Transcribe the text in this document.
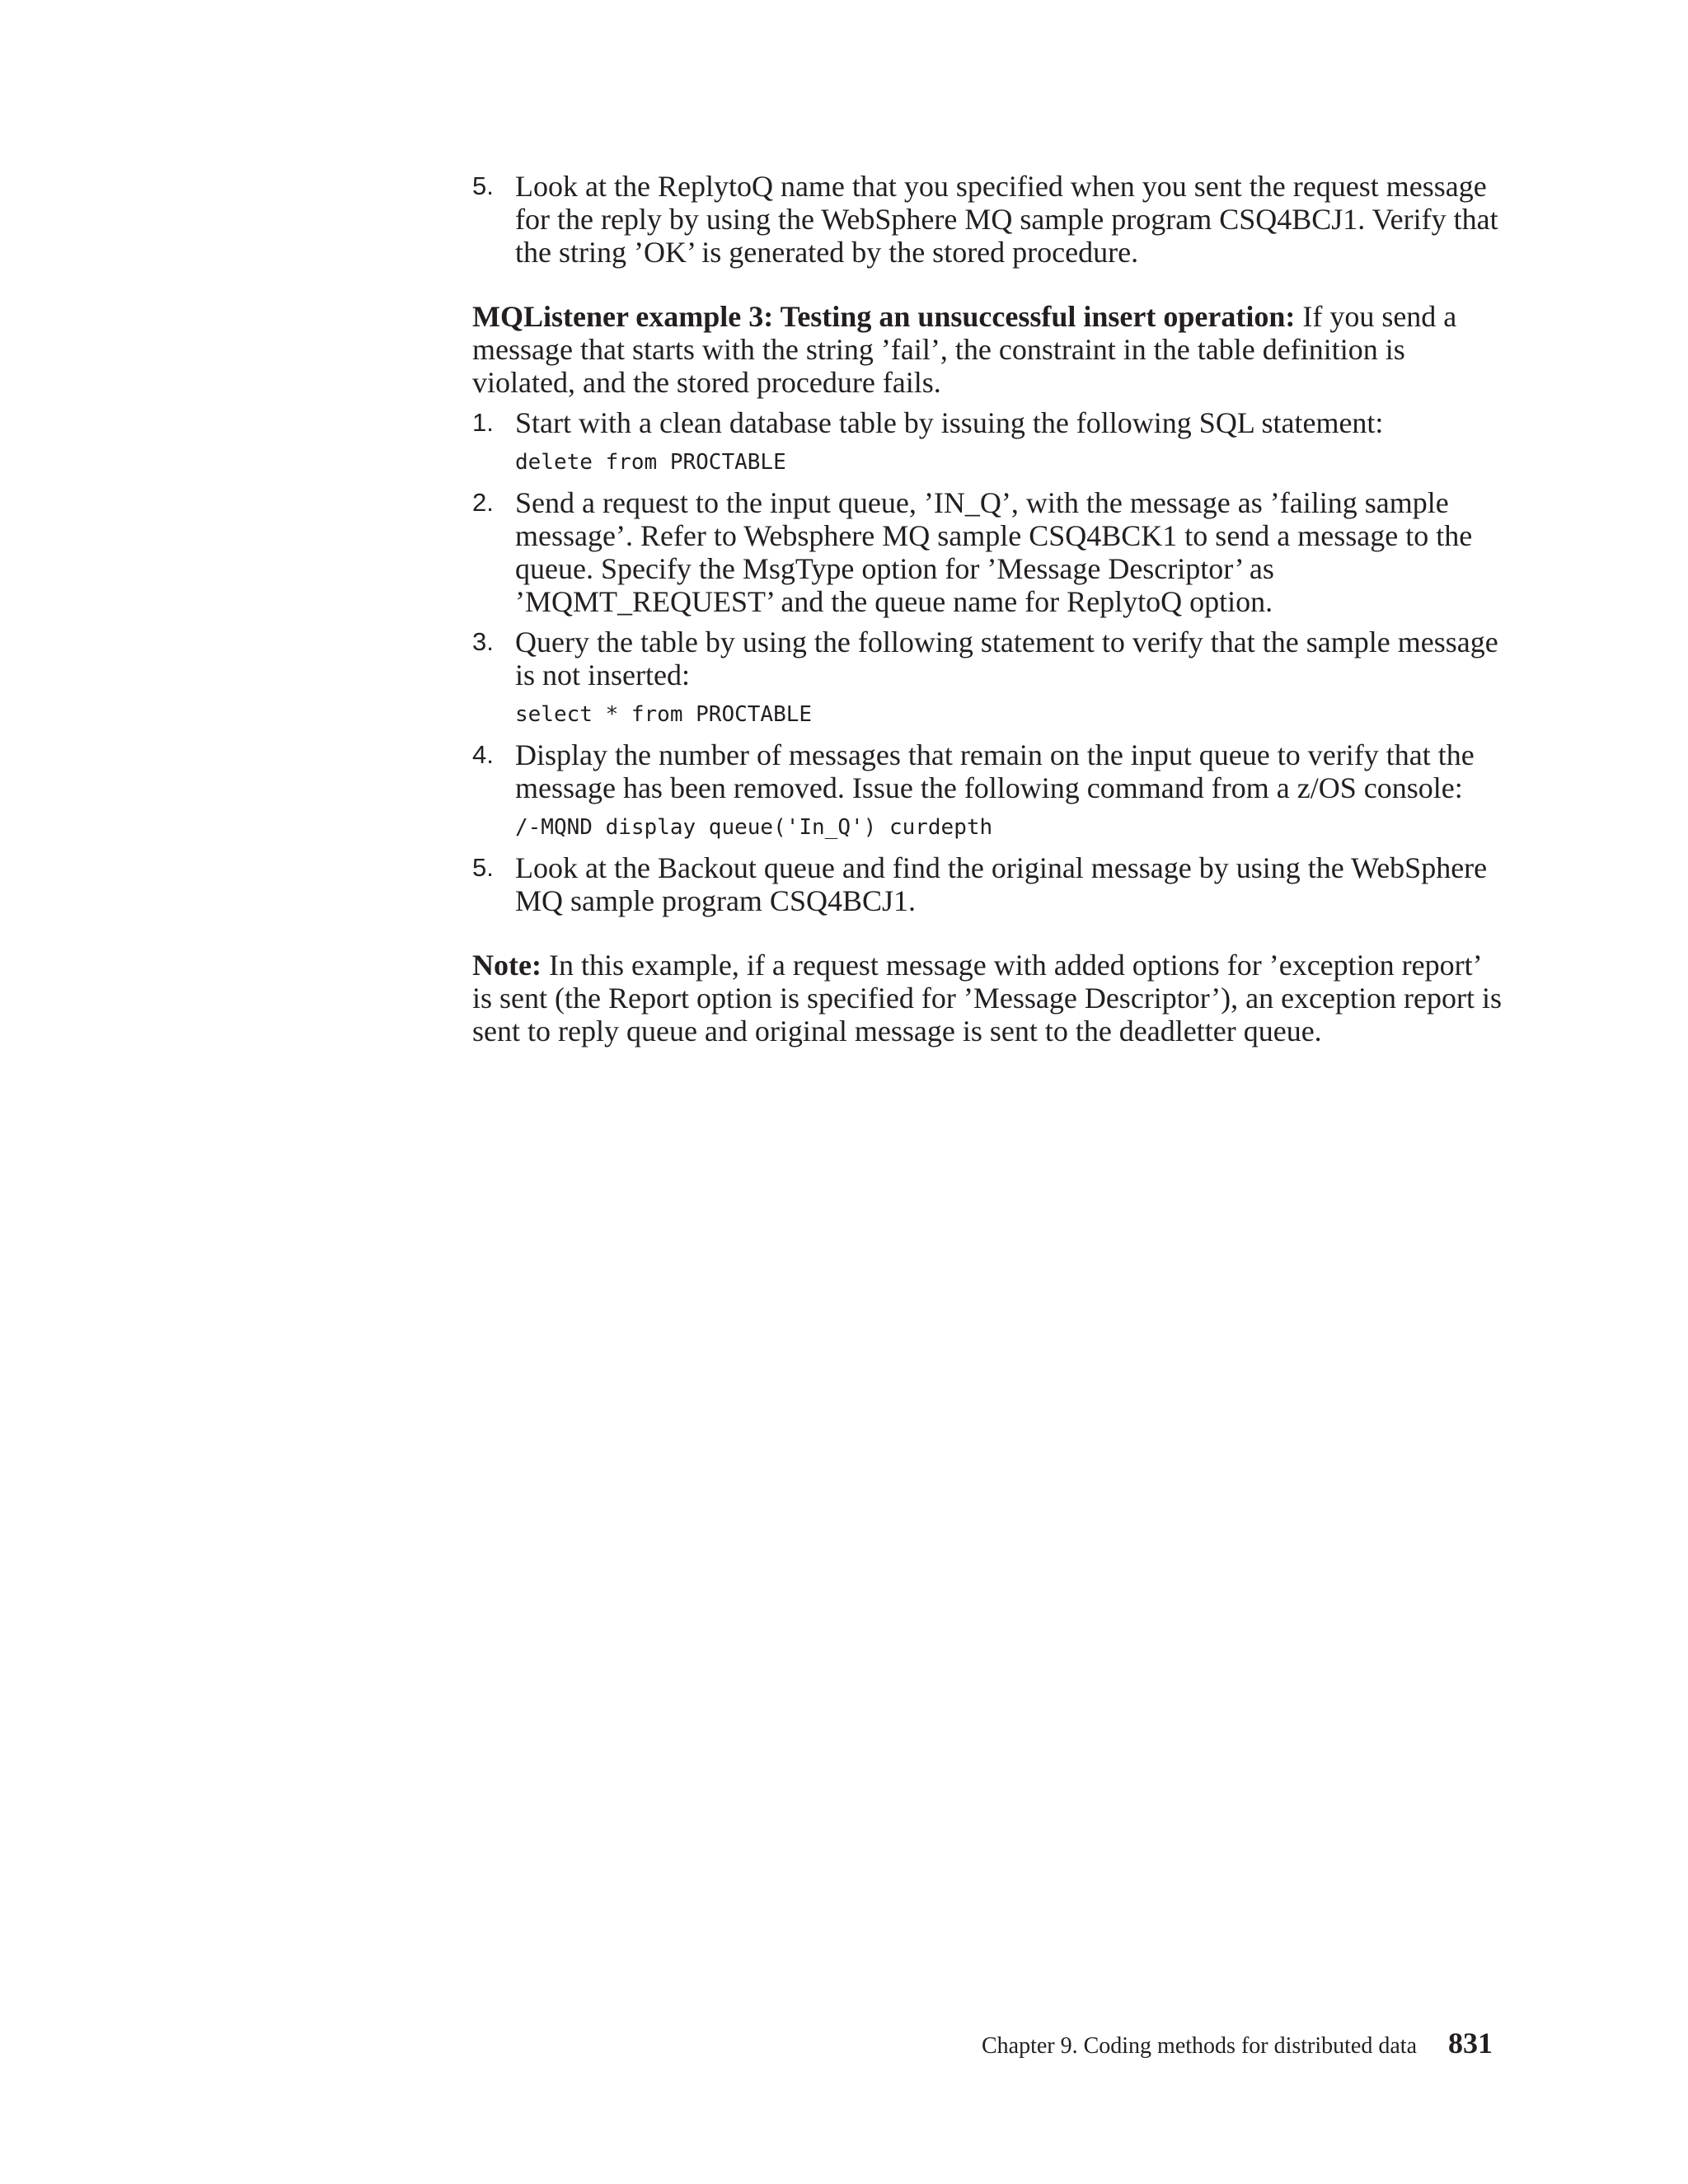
5. Look at the ReplytoQ name that you specified when you sent the request message for the reply by using the WebSphere MQ sample program CSQ4BCJ1. Verify that the string ’OK’ is generated by the stored procedure.

MQListener example 3: Testing an unsuccessful insert operation: If you send a message that starts with the string ’fail’, the constraint in the table definition is violated, and the stored procedure fails.

1. Start with a clean database table by issuing the following SQL statement:

delete from PROCTABLE
2. Send a request to the input queue, ’IN_Q’, with the message as ’failing sample message’. Refer to Websphere MQ sample CSQ4BCK1 to send a message to the queue. Specify the MsgType option for ’Message Descriptor’ as ’MQMT_REQUEST’ and the queue name for ReplytoQ option.

3. Query the table by using the following statement to verify that the sample message is not inserted:

select * from PROCTABLE
4. Display the number of messages that remain on the input queue to verify that the message has been removed. Issue the following command from a z/OS console:

/-MQND display queue('In_Q') curdepth
5. Look at the Backout queue and find the original message by using the WebSphere MQ sample program CSQ4BCJ1.

Note: In this example, if a request message with added options for ’exception report’ is sent (the Report option is specified for ’Message Descriptor’), an exception report is sent to reply queue and original message is sent to the deadletter queue.

Chapter 9. Coding methods for distributed data 831
